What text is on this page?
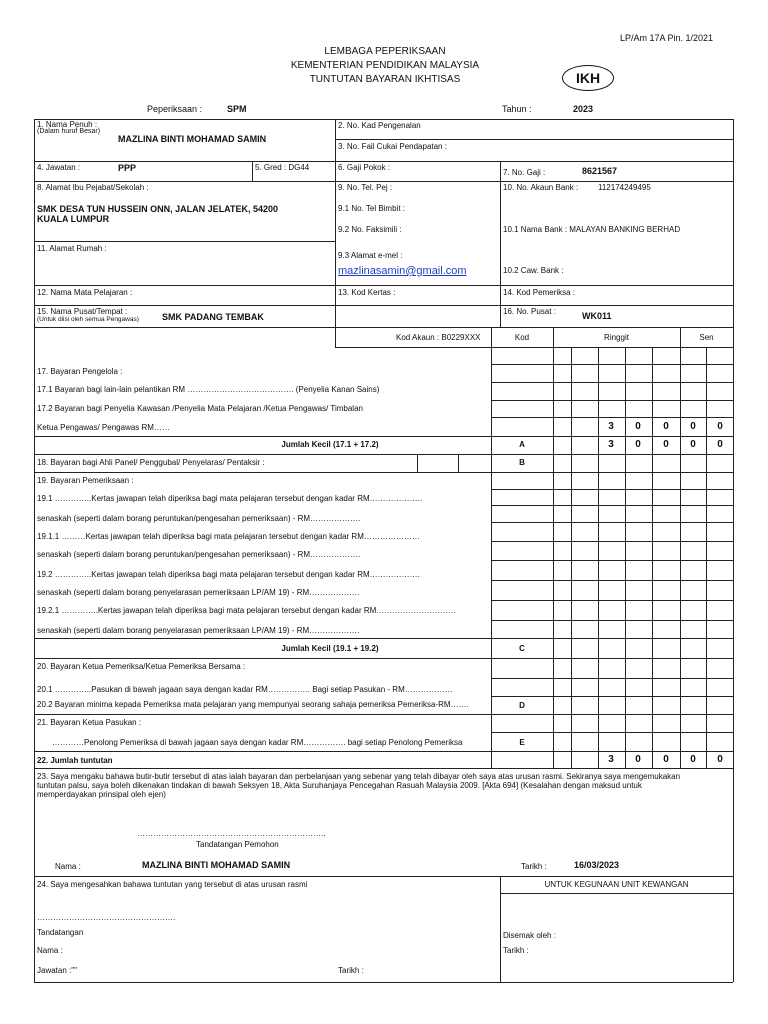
LP/Am 17A Pin. 1/2021
LEMBAGA PEPERIKSAAN
KEMENTERIAN PENDIDIKAN MALAYSIA
TUNTUTAN BAYARAN IKHTISAS	IKH
Peperiksaan :	SPM	Tahun :	2023
1. Nama Penuh :
(Dalam huruf Besar)
MAZLINA BINTI MOHAMAD SAMIN
2. No. Kad Pengenalan
3. No. Fail Cukai Pendapatan :
4. Jawatan :	PPP	5. Gred : DG44	6. Gaji Pokok :
7. No. Gaji :	8621567
8. Alamat Ibu Pejabat/Sekolah :
SMK DESA TUN HUSSEIN ONN, JALAN JELATEK, 54200
KUALA LUMPUR
9. No. Tel. Pej :
9.1 No. Tel Bimbit :
9.2 No. Faksimili :
9.3 Alamat e-mel :
mazlinasamin@gmail.com
10. No. Akaun Bank : 112174249495
10.1 Nama Bank : MALAYAN BANKING BERHAD
10.2 Caw. Bank :
11. Alamat Rumah :
12. Nama Mata Pelajaran :	13. Kod Kertas :	14. Kod Pemeriksa :
15. Nama Pusat/Tempat :
(Untuk diisi oleh semua Pengawas)	SMK PADANG TEMBAK
16. No. Pusat :	WK011
Kod Akaun : B0229XXX	Kod	Ringgit	Sen
17. Bayaran Pengelola :
17.1 Bayaran bagi lain-lain pelantikan RM …………………………………. (Penyelia Kanan Sains)
17.2 Bayaran bagi Penyelia Kawasan /Penyelia Mata Pelajaran /Ketua Pengawas/ Timbalan
Ketua Pengawas/ Pengawas RM……	3	0	0	0	0
Jumlah Kecil (17.1 + 17.2)	A	3	0	0	0	0
18. Bayaran bagi Ahli Panel/ Penggubal/ Penyelaras/ Pentaksir :	B
19. Bayaran Pemeriksaan :
19.1 …………..Kertas jawapan telah diperiksa bagi mata pelajaran tersebut dengan kadar RM………………..
senaskah (seperti dalam borang peruntukan/pengesahan pemeriksaan) - RM……………….
19.1.1 ………Kertas jawapan telah diperiksa bagi mata pelajaran tersebut dengan kadar RM…………………
senaskah (seperti dalam borang peruntukan/pengesahan pemeriksaan) - RM……………….
19.2 …………..Kertas jawapan telah diperiksa bagi mata pelajaran tersebut dengan kadar RM……………….
senaskah (seperti dalam borang penyelarasan pemeriksaan LP/AM 19) - RM……………….
19.2.1 …………..Kertas jawapan telah diperiksa bagi mata pelajaran tersebut dengan kadar RM…………………………
senaskah (seperti dalam borang penyelarasan pemeriksaan LP/AM 19) - RM……………….
Jumlah Kecil (19.1 + 19.2)	C
20. Bayaran Ketua Pemeriksa/Ketua Pemeriksa Bersama :
20.1 …………..Pasukan di bawah jagaan saya dengan kadar RM……………. Bagi setiap Pasukan - RM………………
20.2 Bayaran minima kepada Pemeriksa mata pelajaran yang mempunyai seorang sahaja pemeriksa Pemeriksa-RM…….	D
21. Bayaran Ketua Pasukan :
…………Penolong Pemeriksa di bawah jagaan saya dengan kadar RM……………. bagi setiap Penolong Pemeriksa	E
22. Jumlah tuntutan	3	0	0	0	0
23. Saya mengaku bahawa butir-butir tersebut di atas ialah bayaran dan perbelanjaan yang sebenar yang telah dibayar oleh saya atas urusan rasmi. Sekiranya saya mengemukakan
tuntutan palsu, saya boleh dikenakan tindakan di bawah Seksyen 18, Akta Suruhanjaya Pencegahan Rasuah Malaysia 2009. [Akta 694] (Kesalahan dengan maksud untuk
memperdayakan prinsipal oleh ejen)
……………………………………………………………..
Tandatangan Pemohon
Nama :	MAZLINA BINTI MOHAMAD SAMIN	Tarikh :	16/03/2023
24. Saya mengesahkan bahawa tuntutan yang tersebut di atas urusan rasmi	UNTUK KEGUNAAN UNIT KEWANGAN
…………………………………………….
Tandatangan
Nama :
Jawatan :""	Tarikh :
Disemak oleh :
Tarikh :
